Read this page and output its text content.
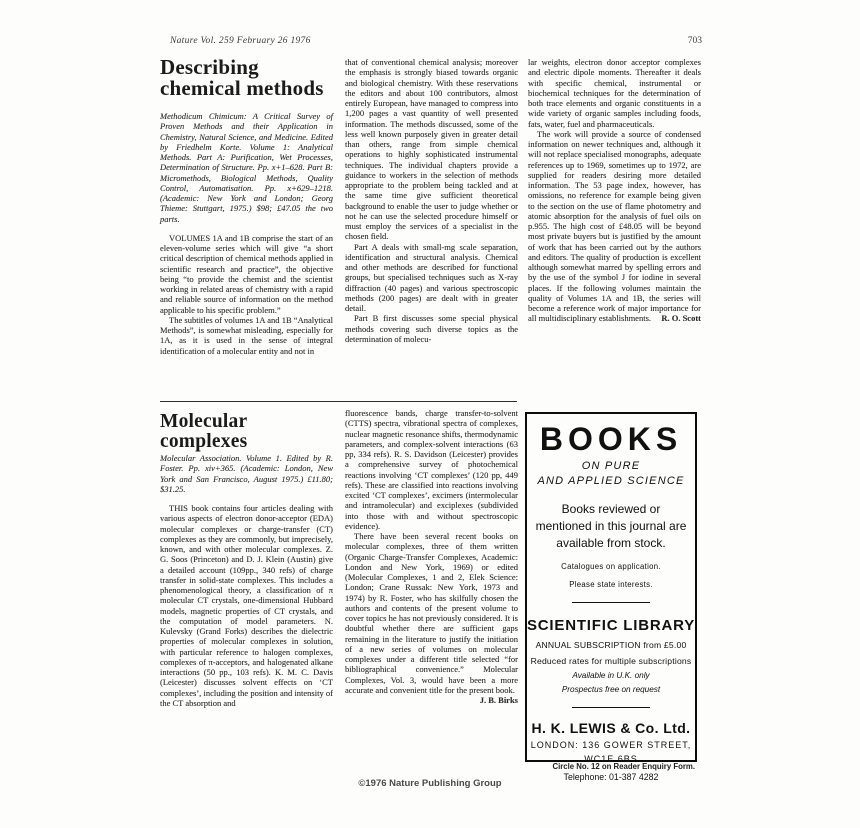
Nature Vol. 259 February 26 1976	703
Describing chemical methods

Methodicum Chimicum: A Critical Survey of Proven Methods and their Application in Chemistry, Natural Science, and Medicine. Edited by Friedhelm Korte. Volume 1: Analytical Methods. Part A: Purification, Wet Processes, Determination of Structure. Pp. x+1–628. Part B: Micromethods, Biological Methods, Quality Control, Automatisation. Pp. x+629–1218. (Academic: New York and London; Georg Thieme: Stuttgart, 1975.) $98; £47.05 the two parts.

VOLUMES 1A and 1B comprise the start of an eleven-volume series which will give “a short critical description of chemical methods applied in scientific research and practice”, the objective being “to provide the chemist and the scientist working in related areas of chemistry with a rapid and reliable source of information on the method applicable to his specific problem.”

The subtitles of volumes 1A and 1B “Analytical Methods”, is somewhat misleading, especially for 1A, as it is used in the sense of integral identification of a molecular entity and not in

that of conventional chemical analysis; moreover the emphasis is strongly biased towards organic and biological chemistry. With these reservations the editors and about 100 contributors, almost entirely European, have managed to compress into 1,200 pages a vast quantity of well presented information. The methods discussed, some of the less well known purposely given in greater detail than others, range from simple chemical operations to highly sophisticated instrumental techniques. The individual chapters provide a guidance to workers in the selection of methods appropriate to the problem being tackled and at the same time give sufficient theoretical background to enable the user to judge whether or not he can use the selected procedure himself or must employ the services of a specialist in the chosen field.

Part A deals with small-mg scale separation, identification and structural analysis. Chemical and other methods are described for functional groups, but specialised techniques such as X-ray diffraction (40 pages) and various spectroscopic methods (200 pages) are dealt with in greater detail.

Part B first discusses some special physical methods covering such diverse topics as the determination of molecu-

lar weights, electron donor acceptor complexes and electric dipole moments. Thereafter it deals with specific chemical, instrumental or biochemical techniques for the determination of both trace elements and organic constituents in a wide variety of organic samples including foods, fats, water, fuel and pharmaceuticals.

The work will provide a source of condensed information on newer techniques and, although it will not replace specialised monographs, adequate references up to 1969, sometimes up to 1972, are supplied for readers desiring more detailed information. The 53 page index, however, has omissions, no reference for example being given to the section on the use of flame photometry and atomic absorption for the analysis of fuel oils on p.955. The high cost of £48.05 will be beyond most private buyers but is justified by the amount of work that has been carried out by the authors and editors. The quality of production is excellent although somewhat marred by spelling errors and by the use of the symbol J for iodine in several places. If the following volumes maintain the quality of Volumes 1A and 1B, the series will become a reference work of major importance for all multidisciplinary establishments.	R. O. Scott

Molecular complexes

Molecular Association. Volume 1. Edited by R. Foster. Pp. xiv+365. (Academic: London, New York and San Francisco, August 1975.) £11.80; $31.25.

THIS book contains four articles dealing with various aspects of electron donor-acceptor (EDA) molecular complexes or charge-transfer (CT) complexes as they are commonly, but imprecisely, known, and with other molecular complexes. Z. G. Soos (Princeton) and D. J. Klein (Austin) give a detailed account (109pp., 340 refs) of charge transfer in solid-state complexes. This includes a phenomenological theory, a classification of π molecular CT crystals, one-dimensional Hubbard models, magnetic properties of CT crystals, and the computation of model parameters. N. Kulevsky (Grand Forks) describes the dielectric properties of molecular complexes in solution, with particular reference to halogen complexes, complexes of π-acceptors, and halogenated alkane interactions (50 pp., 103 refs). K. M. C. Davis (Leicester) discusses solvent effects on ‘CT complexes’, including the position and intensity of the CT absorption and

fluorescence bands, charge transfer-to-solvent (CTTS) spectra, vibrational spectra of complexes, nuclear magnetic resonance shifts, thermodynamic parameters, and complex-solvent interactions (63 pp, 334 refs). R. S. Davidson (Leicester) provides a comprehensive survey of photochemical reactions involving ‘CT complexes’ (120 pp, 449 refs). These are classified into reactions involving excited ‘CT complexes’, excimers (intermolecular and intramolecular) and exciplexes (subdivided into those with and without spectroscopic evidence).

There have been several recent books on molecular complexes, three of them written (Organic Charge-Transfer Complexes, Academic: London and New York, 1969) or edited (Molecular Complexes, 1 and 2, Elek Science: London; Crane Russak: New York, 1973 and 1974) by R. Foster, who has skilfully chosen the authors and contents of the present volume to cover topics he has not previously considered. It is doubtful whether there are sufficient gaps remaining in the literature to justify the initiation of a new series of volumes on molecular complexes under a different title selected “for bibliographical convenience.” Molecular Complexes, Vol. 3, would have been a more accurate and convenient title for the present book.
J. B. Birks

BOOKS
ON PURE
AND APPLIED SCIENCE
Books reviewed or mentioned in this journal are available from stock.
Catalogues on application.
Please state interests.
SCIENTIFIC LIBRARY
ANNUAL SUBSCRIPTION from £5.00
Reduced rates for multiple subscriptions
Available in U.K. only
Prospectus free on request
H. K. LEWIS & Co. Ltd.
LONDON: 136 GOWER STREET,
WC1E 6BS
Telephone: 01-387 4282
Circle No. 12 on Reader Enquiry Form.
©1976 Nature Publishing Group
